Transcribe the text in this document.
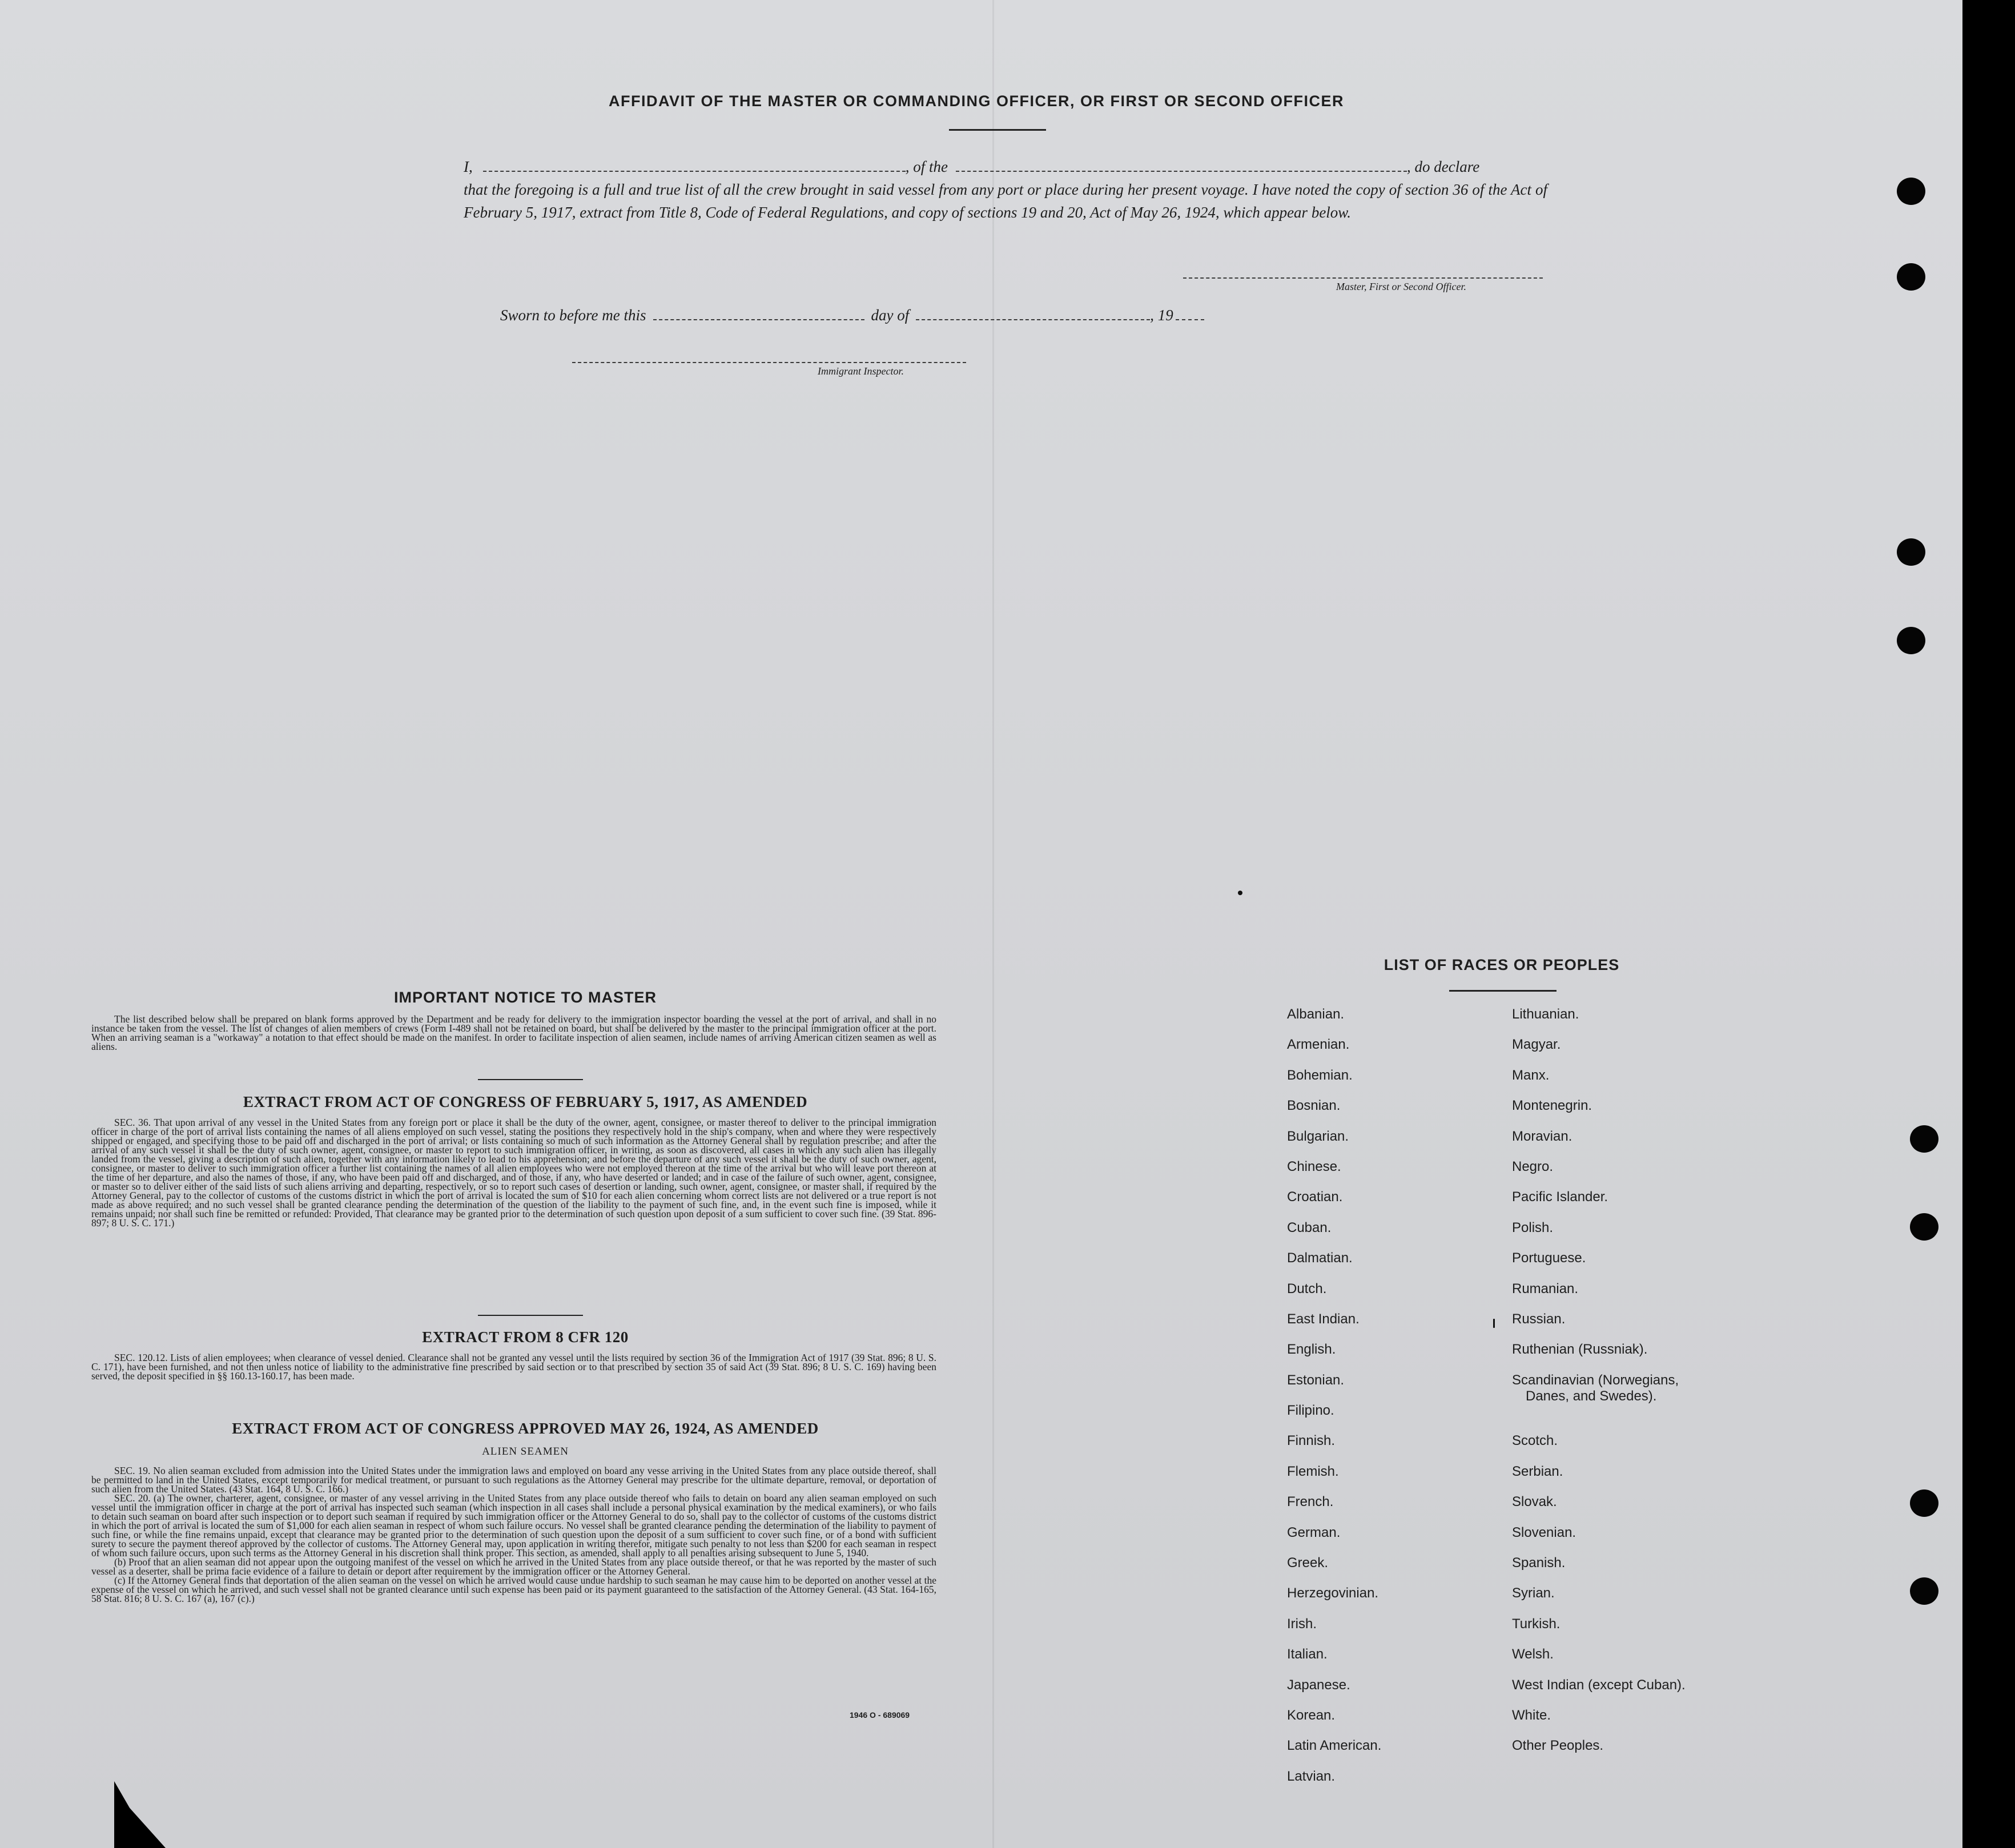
AFFIDAVIT OF THE MASTER OR COMMANDING OFFICER, OR FIRST OR SECOND OFFICER
I,	, of the	, do declare
that the foregoing is a full and true list of all the crew brought in said vessel from any port or place during her present voyage. I have noted the copy of section 36 of the Act of February 5, 1917, extract from Title 8, Code of Federal Regulations, and copy of sections 19 and 20, Act of May 26, 1924, which appear below.
Master, First or Second Officer.
Sworn to before me this	day of	, 19
Immigrant Inspector.
IMPORTANT NOTICE TO MASTER
The list described below shall be prepared on blank forms approved by the Department and be ready for delivery to the immigration inspector boarding the vessel at the port of arrival, and shall in no instance be taken from the vessel. The list of changes of alien members of crews (Form I-489 shall not be retained on board, but shall be delivered by the master to the principal immigration officer at the port. When an arriving seaman is a "workaway" a notation to that effect should be made on the manifest. In order to facilitate inspection of alien seamen, include names of arriving American citizen seamen as well as aliens.
EXTRACT FROM ACT OF CONGRESS OF FEBRUARY 5, 1917, AS AMENDED
SEC. 36. That upon arrival of any vessel in the United States from any foreign port or place it shall be the duty of the owner, agent, consignee, or master thereof to deliver to the principal immigration officer in charge of the port of arrival lists containing the names of all aliens employed on such vessel, stating the positions they respectively hold in the ship's company, when and where they were respectively shipped or engaged, and specifying those to be paid off and discharged in the port of arrival; or lists containing so much of such information as the Attorney General shall by regulation prescribe; and after the arrival of any such vessel it shall be the duty of such owner, agent, consignee, or master to report to such immigration officer, in writing, as soon as discovered, all cases in which any such alien has illegally landed from the vessel, giving a description of such alien, together with any information likely to lead to his apprehension; and before the departure of any such vessel it shall be the duty of such owner, agent, consignee, or master to deliver to such immigration officer a further list containing the names of all alien employees who were not employed thereon at the time of the arrival but who will leave port thereon at the time of her departure, and also the names of those, if any, who have been paid off and discharged, and of those, if any, who have deserted or landed; and in case of the failure of such owner, agent, consignee, or master so to deliver either of the said lists of such aliens arriving and departing, respectively, or so to report such cases of desertion or landing, such owner, agent, consignee, or master shall, if required by the Attorney General, pay to the collector of customs of the customs district in which the port of arrival is located the sum of $10 for each alien concerning whom correct lists are not delivered or a true report is not made as above required; and no such vessel shall be granted clearance pending the determination of the question of the liability to the payment of such fine, and, in the event such fine is imposed, while it remains unpaid; nor shall such fine be remitted or refunded: Provided, That clearance may be granted prior to the determination of such question upon deposit of a sum sufficient to cover such fine. (39 Stat. 896-897; 8 U. S. C. 171.)
EXTRACT FROM 8 CFR 120
SEC. 120.12. Lists of alien employees; when clearance of vessel denied. Clearance shall not be granted any vessel until the lists required by section 36 of the Immigration Act of 1917 (39 Stat. 896; 8 U. S. C. 171), have been furnished, and not then unless notice of liability to the administrative fine prescribed by said section or to that prescribed by section 35 of said Act (39 Stat. 896; 8 U. S. C. 169) having been served, the deposit specified in §§ 160.13-160.17, has been made.
EXTRACT FROM ACT OF CONGRESS APPROVED MAY 26, 1924, AS AMENDED
ALIEN SEAMEN
SEC. 19. No alien seaman excluded from admission into the United States under the immigration laws and employed on board any vesse arriving in the United States from any place outside thereof, shall be permitted to land in the United States, except temporarily for medical treatment, or pursuant to such regulations as the Attorney General may prescribe for the ultimate departure, removal, or deportation of such alien from the United States. (43 Stat. 164, 8 U. S. C. 166.)
SEC. 20. (a) The owner, charterer, agent, consignee, or master of any vessel arriving in the United States from any place outside thereof who fails to detain on board any alien seaman employed on such vessel until the immigration officer in charge at the port of arrival has inspected such seaman (which inspection in all cases shall include a personal physical examination by the medical examiners), or who fails to detain such seaman on board after such inspection or to deport such seaman if required by such immigration officer or the Attorney General to do so, shall pay to the collector of customs of the customs district in which the port of arrival is located the sum of $1,000 for each alien seaman in respect of whom such failure occurs. No vessel shall be granted clearance pending the determination of the liability to payment of such fine, or while the fine remains unpaid, except that clearance may be granted prior to the determination of such question upon the deposit of a sum sufficient to cover such fine, or of a bond with sufficient surety to secure the payment thereof approved by the collector of customs. The Attorney General may, upon application in writing therefor, mitigate such penalty to not less than $200 for each seaman in respect of whom such failure occurs, upon such terms as the Attorney General in his discretion shall think proper. This section, as amended, shall apply to all penalties arising subsequent to June 5, 1940.
(b) Proof that an alien seaman did not appear upon the outgoing manifest of the vessel on which he arrived in the United States from any place outside thereof, or that he was reported by the master of such vessel as a deserter, shall be prima facie evidence of a failure to detain or deport after requirement by the immigration officer or the Attorney General.
(c) If the Attorney General finds that deportation of the alien seaman on the vessel on which he arrived would cause undue hardship to such seaman he may cause him to be deported on another vessel at the expense of the vessel on which he arrived, and such vessel shall not be granted clearance until such expense has been paid or its payment guaranteed to the satisfaction of the Attorney General. (43 Stat. 164-165, 58 Stat. 816; 8 U. S. C. 167 (a), 167 (c).)
1946 O - 689069
LIST OF RACES OR PEOPLES
Albanian.
Armenian.
Bohemian.
Bosnian.
Bulgarian.
Chinese.
Croatian.
Cuban.
Dalmatian.
Dutch.
East Indian.
English.
Estonian.
Filipino.
Finnish.
Flemish.
French.
German.
Greek.
Herzegovinian.
Irish.
Italian.
Japanese.
Korean.
Latin American.
Latvian.
Lithuanian.
Magyar.
Manx.
Montenegrin.
Moravian.
Negro.
Pacific Islander.
Polish.
Portuguese.
Rumanian.
Russian.
Ruthenian (Russniak).
Scandinavian (Norwegians,
Danes, and Swedes).
Scotch.
Serbian.
Slovak.
Slovenian.
Spanish.
Syrian.
Turkish.
Welsh.
West Indian (except Cuban).
White.
Other Peoples.
